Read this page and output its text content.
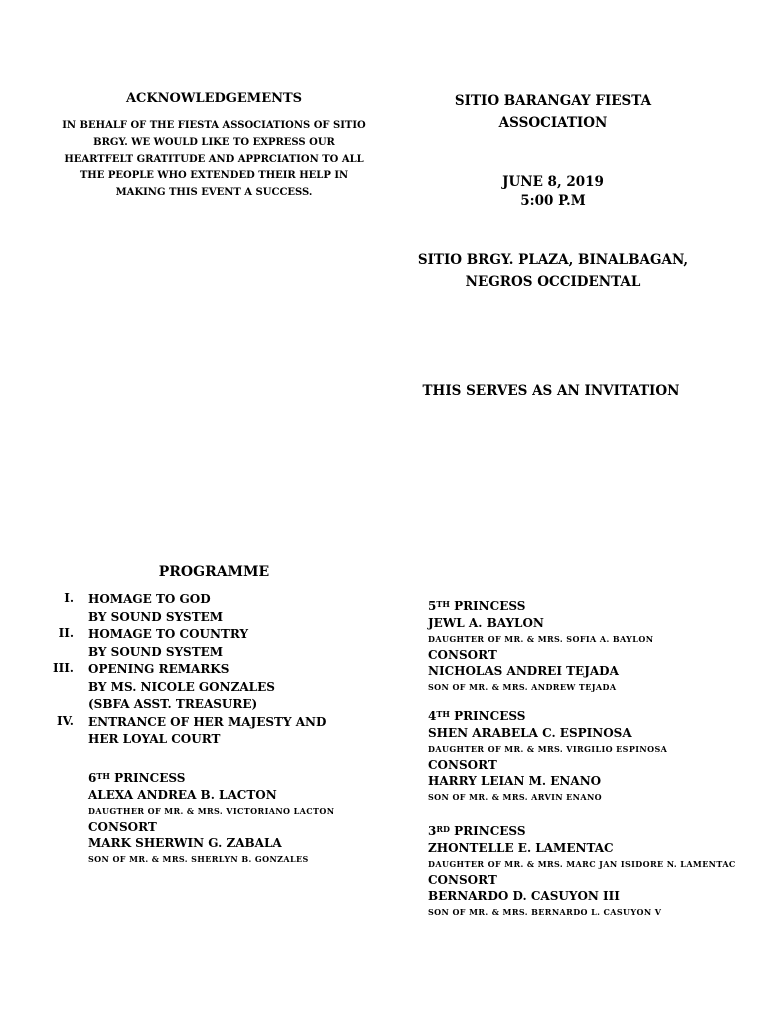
ACKNOWLEDGEMENTS
IN BEHALF OF THE FIESTA ASSOCIATIONS OF SITIO BRGY. WE WOULD LIKE TO EXPRESS OUR HEARTFELT GRATITUDE AND APPRCIATION TO ALL THE PEOPLE WHO EXTENDED THEIR HELP IN MAKING THIS EVENT A SUCCESS.
SITIO BARANGAY FIESTA ASSOCIATION
JUNE 8, 2019
5:00 P.M
SITIO BRGY. PLAZA, BINALBAGAN, NEGROS OCCIDENTAL
THIS SERVES AS AN INVITATION
PROGRAMME
I.	HOMAGE TO GOD
BY SOUND SYSTEM
II.	HOMAGE TO COUNTRY
BY SOUND SYSTEM
III.	OPENING REMARKS
BY MS. NICOLE GONZALES
(SBFA ASST. TREASURE)
IV.	ENTRANCE OF HER MAJESTY AND
HER LOYAL COURT
6TH PRINCESS
ALEXA ANDREA B. LACTON
DAUGTHER OF MR. & MRS. VICTORIANO LACTON
CONSORT
MARK SHERWIN G. ZABALA
SON OF MR. & MRS. SHERLYN B. GONZALES
5TH PRINCESS
JEWL A. BAYLON
DAUGHTER OF MR. & MRS. SOFIA A. BAYLON
CONSORT
NICHOLAS ANDREI TEJADA
SON OF MR. & MRS. ANDREW TEJADA
4TH PRINCESS
SHEN ARABELA C. ESPINOSA
DAUGHTER OF MR. & MRS. VIRGILIO ESPINOSA
CONSORT
HARRY LEIAN M. ENANO
SON OF MR. & MRS. ARVIN ENANO
3RD PRINCESS
ZHONTELLE E. LAMENTAC
DAUGHTER OF MR. & MRS. MARC JAN ISIDORE N. LAMENTAC
CONSORT
BERNARDO D. CASUYON III
SON OF MR. & MRS. BERNARDO L. CASUYON V
